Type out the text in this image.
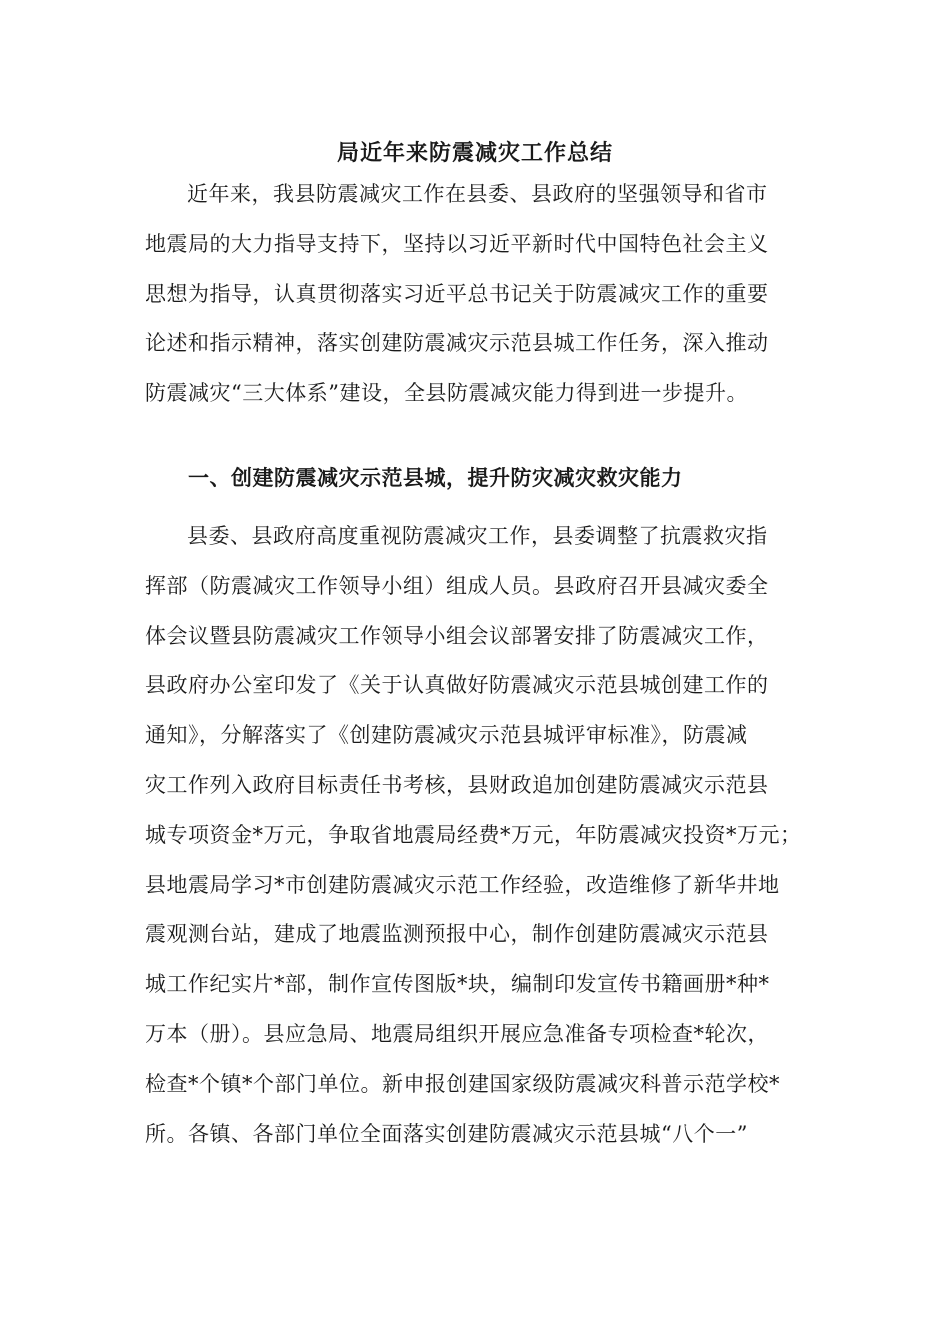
局近年来防震减灾工作总结
近年来，我县防震减灾工作在县委、县政府的坚强领导和省市
地震局的大力指导支持下，坚持以习近平新时代中国特色社会主义
思想为指导，认真贯彻落实习近平总书记关于防震减灾工作的重要
论述和指示精神，落实创建防震减灾示范县城工作任务，深入推动
防震减灾“三大体系”建设，全县防震减灾能力得到进一步提升。
一、创建防震减灾示范县城，提升防灾减灾救灾能力
县委、县政府高度重视防震减灾工作，县委调整了抗震救灾指
挥部（防震减灾工作领导小组）组成人员。县政府召开县减灾委全
体会议暨县防震减灾工作领导小组会议部署安排了防震减灾工作，
县政府办公室印发了《关于认真做好防震减灾示范县城创建工作的
通知》，分解落实了《创建防震减灾示范县城评审标准》，防震减
灾工作列入政府目标责任书考核，县财政追加创建防震减灾示范县
城专项资金*万元，争取省地震局经费*万元，年防震减灾投资*万元；
县地震局学习*市创建防震减灾示范工作经验，改造维修了新华井地
震观测台站，建成了地震监测预报中心，制作创建防震减灾示范县
城工作纪实片*部，制作宣传图版*块，编制印发宣传书籍画册*种*
万本（册）。县应急局、地震局组织开展应急准备专项检查*轮次，
检查*个镇*个部门单位。新申报创建国家级防震减灾科普示范学校*
所。各镇、各部门单位全面落实创建防震减灾示范县城“八个一”
